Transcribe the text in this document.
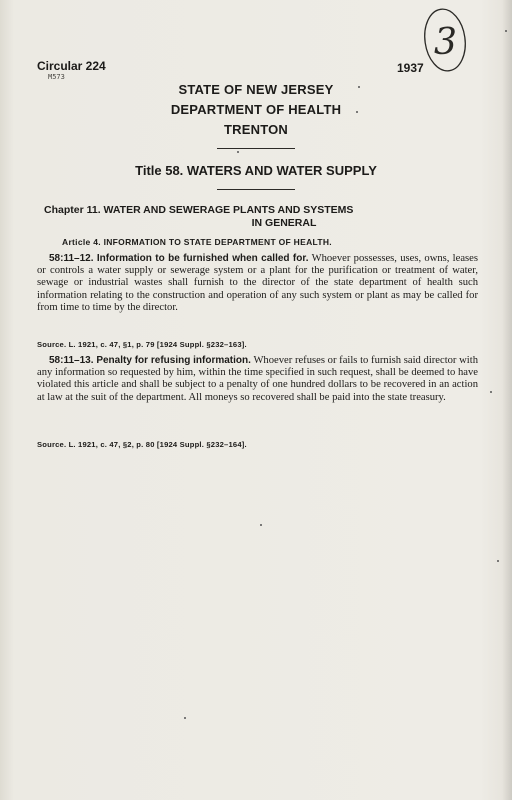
Circular 224
M573
1937
3
STATE OF NEW JERSEY
DEPARTMENT OF HEALTH
TRENTON
Title 58. WATERS AND WATER SUPPLY
Chapter 11. WATER AND SEWERAGE PLANTS AND SYSTEMS
IN GENERAL
Article 4. INFORMATION TO STATE DEPARTMENT OF HEALTH.
58:11–12. Information to be furnished when called for. Whoever possesses, uses, owns, leases or controls a water supply or sewerage system or a plant for the purification or treatment of water, sewage or industrial wastes shall furnish to the director of the state department of health such information relating to the construction and operation of any such system or plant as may be called for from time to time by the director.
Source. L. 1921, c. 47, §1, p. 79 [1924 Suppl. §232–163].
58:11–13. Penalty for refusing information. Whoever refuses or fails to furnish said director with any information so requested by him, within the time specified in such request, shall be deemed to have violated this article and shall be subject to a penalty of one hundred dollars to be recovered in an action at law at the suit of the department. All moneys so recovered shall be paid into the state treasury.
Source. L. 1921, c. 47, §2, p. 80 [1924 Suppl. §232–164].
